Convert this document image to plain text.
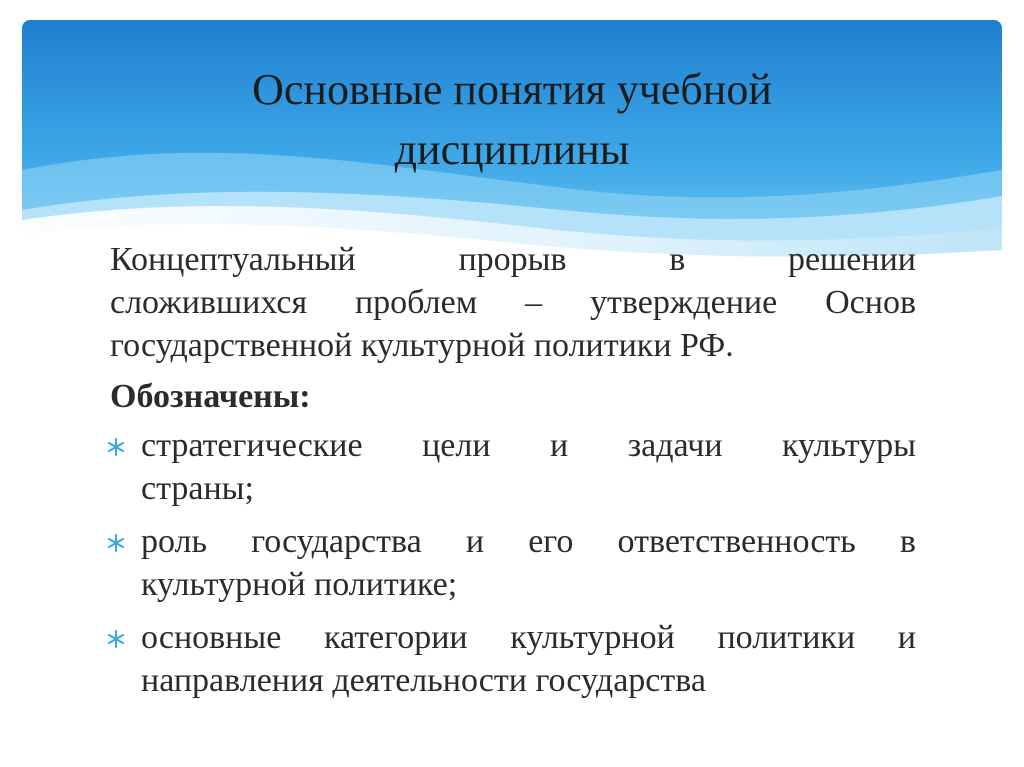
Основные понятия учебной
дисциплины
Концептуальный прорыв в решении
сложившихся проблем – утверждение Основ
государственной культурной политики РФ.
Обозначены:
стратегические цели и задачи культуры
страны;
роль государства и его ответственность в
культурной политике;
основные категории культурной политики и
направления деятельности государства
